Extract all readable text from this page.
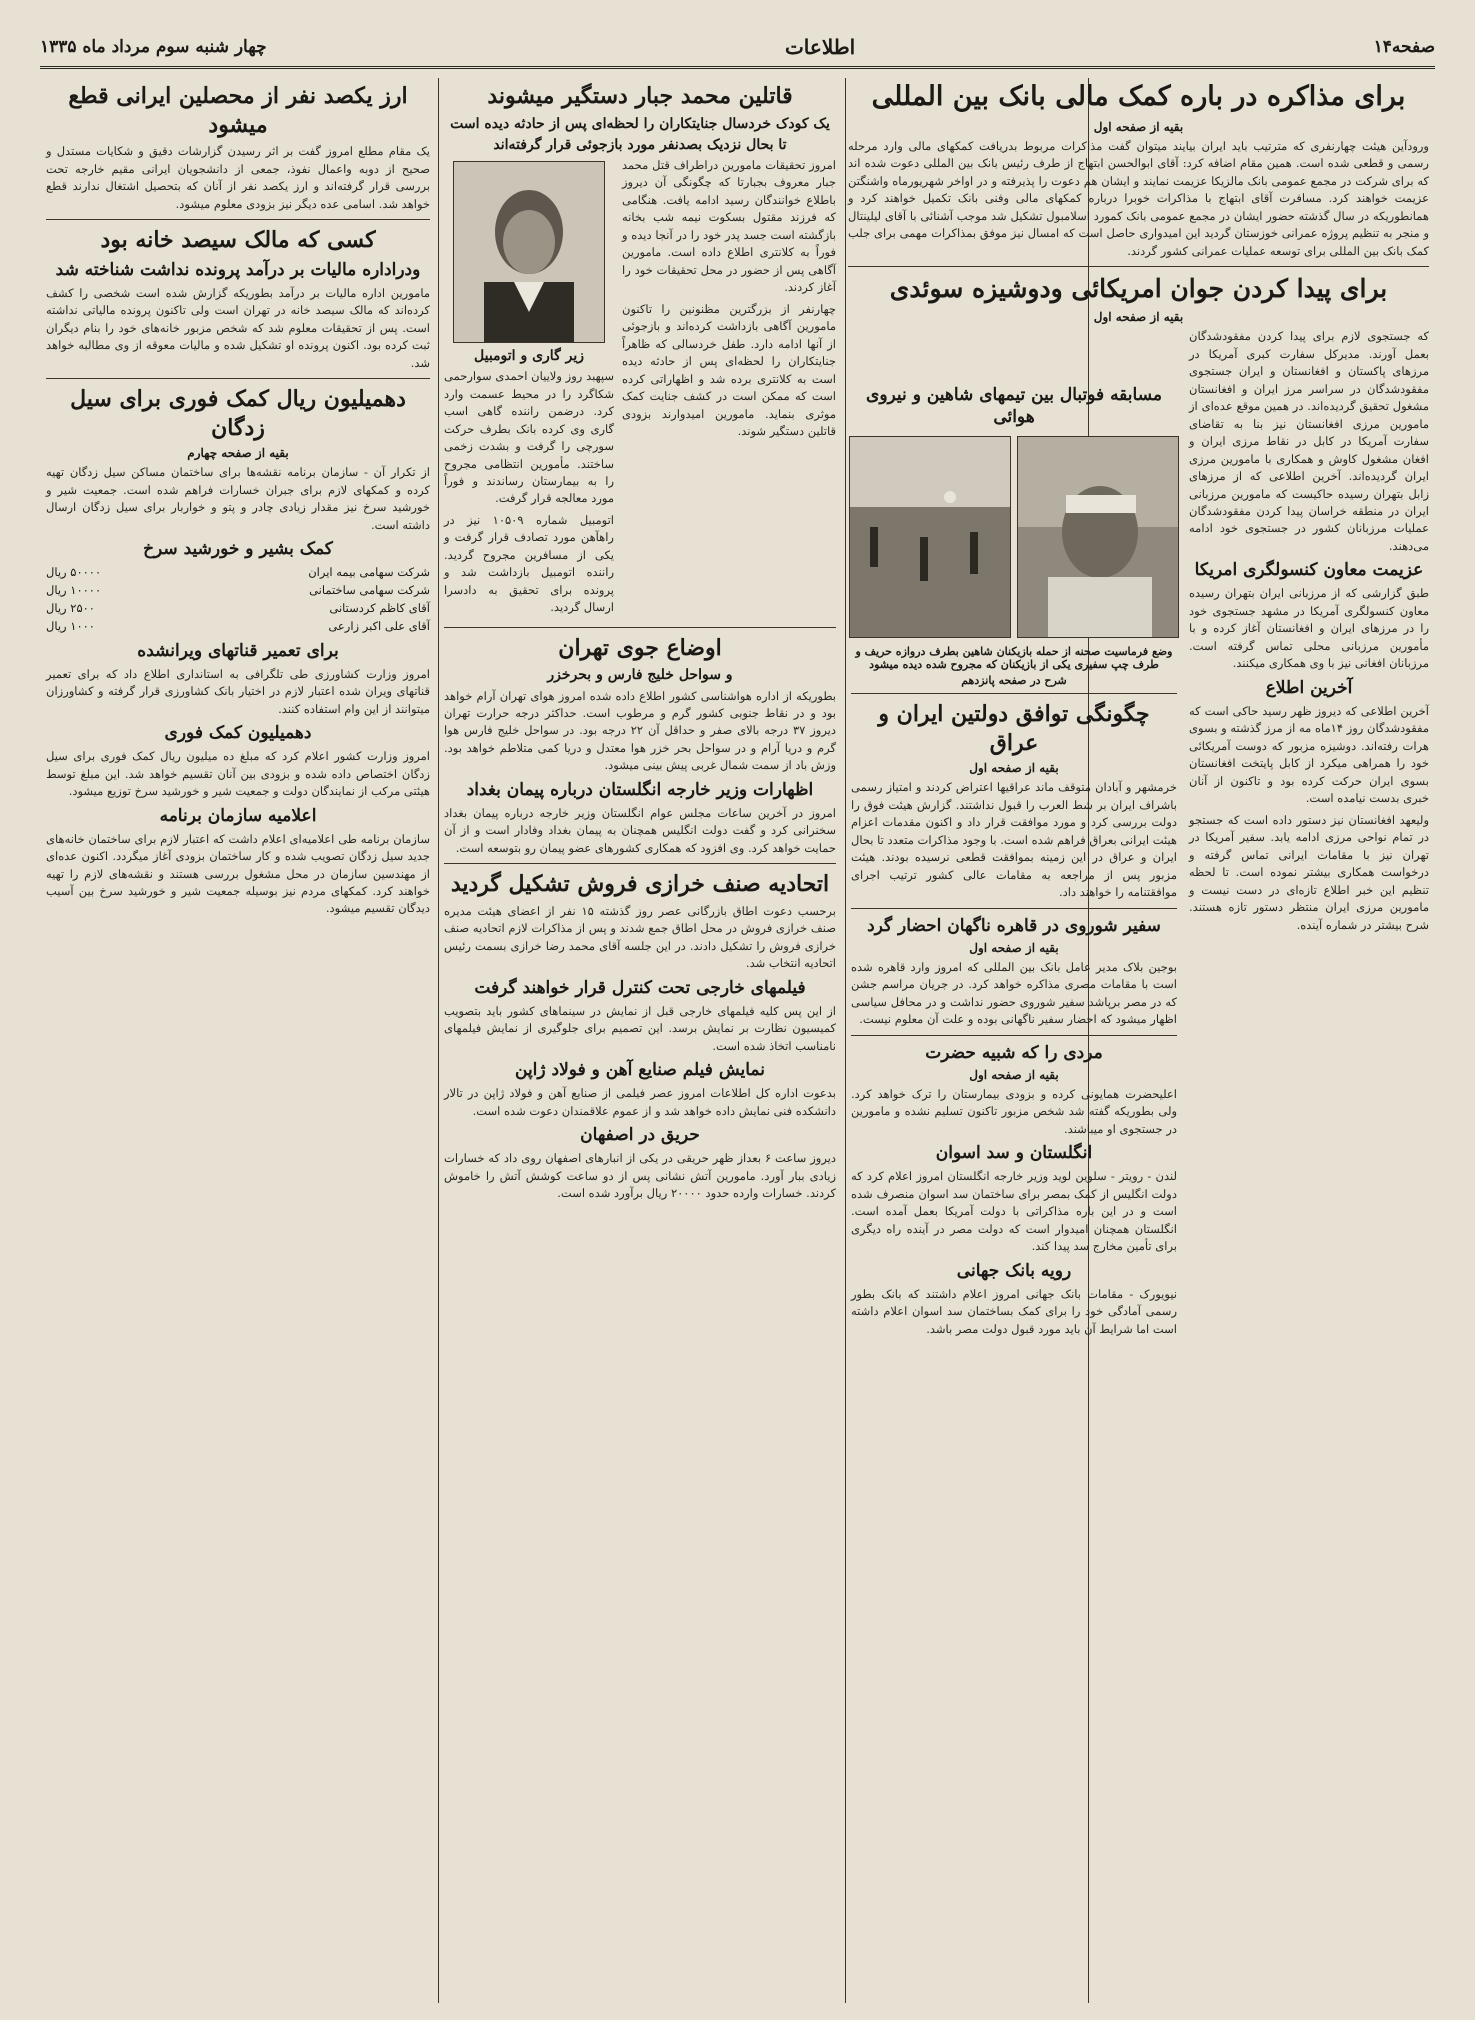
صفحه۱۴
اطلاعات
چهار شنبه سوم مرداد ماه ۱۳۳۵
برای مذاکره در باره کمک مالی بانک بین المللی
بقیه از صفحه اول

ورودآین هیئت چهارنفری که مترتیب باید ایران بیایند میتوان گفت مذاکرات مربوط بدریافت کمکهای مالی وارد مرحله رسمی و قطعی شده است. همین مقام اضافه کرد: آقای ابوالحسن ابتهاج از طرف رئیس بانک بین المللی دعوت شده اند که برای شرکت در مجمع عمومی بانک مالزیکا عزیمت نمایند و ایشان هم دعوت را پذیرفته و در اواخر شهریورماه واشنگتن عزیمت خواهند کرد. مسافرت آقای ابتهاج با مذاکرات خوبرا درباره کمکهای مالی وفنی بانک تکمیل خواهند کرد و همانطوریکه در سال گذشته حضور ایشان در مجمع عمومی بانک کمورد اسلامبول تشکیل شد موجب آشنائی با آقای لیلینتال و منجر به تنظیم پروژه عمرانی خوزستان گردید این امیدواری حاصل است که امسال نیز موفق بمذاکرات مهمی برای جلب کمک بانک بین المللی برای توسعه عملیات عمرانی کشور گردند.

برای پیدا کردن جوان امریکائی ودوشیزه سوئدی
بقیه از صفحه اول

که جستجوی لازم برای پیدا کردن مفقودشدگان بعمل آورند. مدیرکل سفارت کبری آمریکا در مرزهای پاکستان و افغانستان و ایران جستجوی مفقودشدگان در سراسر مرز ایران و افغانستان مشغول تحقیق گردیده‌اند. در همین موقع عده‌ای از مامورین مرزی افغانستان نیز بنا به تقاضای سفارت آمریکا در کابل در نقاط مرزی ایران و افغان مشغول کاوش و همکاری با مامورین مرزی ایران گردیده‌اند. آخرین اطلاعی که از مرزهای زابل بتهران رسیده حاکیست که مامورین مرزبانی ایران در منطقه خراسان پیدا کردن مفقودشدگان عملیات مرزبانان کشور در جستجوی خود ادامه می‌دهند.

عزیمت معاون کنسولگری امریکا

طبق گزارشی که از مرزبانی ایران بتهران رسیده معاون کنسولگری آمریکا در مشهد جستجوی خود را در مرزهای ایران و افغانستان آغاز کرده و با مأمورین مرزبانی محلی تماس گرفته است. مرزبانان افغانی نیز با وی همکاری میکنند.

آخرین اطلاع

آخرین اطلاعی که دیروز ظهر رسید حاکی است که مفقودشدگان روز ۱۴ماه مه از مرز گذشته و بسوی هرات رفته‌اند. دوشیزه مزبور که دوست آمریکائی خود را همراهی میکرد از کابل پایتخت افغانستان بسوی ایران حرکت کرده بود و تاکنون از آنان خبری بدست نیامده است.

ولیعهد افغانستان نیز دستور داده است که جستجو در تمام نواحی مرزی ادامه یابد. سفیر آمریکا در تهران نیز با مقامات ایرانی تماس گرفته و درخواست همکاری بیشتر نموده است. تا لحظه تنظیم این خبر اطلاع تازه‌ای در دست نیست و مامورین مرزی ایران منتظر دستور تازه هستند. شرح بیشتر در شماره آینده.

مسابقه فوتبال بین تیمهای شاهین و نیروی هوائی
وضع فرماسیت صحنه از حمله بازیکنان شاهین بطرف دروازه حریف و طرف چپ سفیری یکی از بازیکنان که مجروح شده دیده میشود
شرح در صفحه پانزدهم
چگونگی توافق دولتین ایران و عراق
بقیه از صفحه اول

خرمشهر و آبادان متوقف ماند عراقیها اعتراض کردند و امتیاز رسمی باشراف ایران بر شط العرب را قبول نداشتند. گزارش هیئت فوق را دولت بررسی کرد و مورد موافقت قرار داد و اکنون مقدمات اعزام هیئت ایرانی بعراق فراهم شده است. با وجود مذاکرات متعدد تا بحال ایران و عراق در این زمینه بموافقت قطعی نرسیده بودند. هیئت مزبور پس از مراجعه به مقامات عالی کشور ترتیب اجرای موافقتنامه را خواهند داد.

سفیر شوروی در قاهره ناگهان احضار گرد
بقیه از صفحه اول

بوجین بلاک مدیر عامل بانک بین المللی که امروز وارد قاهره شده است با مقامات مصری مذاکره خواهد کرد. در جریان مراسم جشن که در مصر برپاشد سفیر شوروی حضور نداشت و در محافل سیاسی اظهار میشود که احضار سفیر ناگهانی بوده و علت آن معلوم نیست.

مردی را که شبیه حضرت
بقیه از صفحه اول

اعلیحضرت همایونی کرده و بزودی بیمارستان را ترک خواهد کرد. ولی بطوریکه گفته شد شخص مزبور تاکنون تسلیم نشده و مامورین در جستجوی او میباشند.

انگلستان و سد اسوان

لندن - رویتر - سلوین لوید وزیر خارجه انگلستان امروز اعلام کرد که دولت انگلیس از کمک بمصر برای ساختمان سد اسوان منصرف شده است و در این باره مذاکراتی با دولت آمریکا بعمل آمده است. انگلستان همچنان امیدوار است که دولت مصر در آینده راه دیگری برای تأمین مخارج سد پیدا کند.

رویه بانک جهانی

نیویورک - مقامات بانک جهانی امروز اعلام داشتند که بانک بطور رسمی آمادگی خود را برای کمک بساختمان سد اسوان اعلام داشته است اما شرایط آن باید مورد قبول دولت مصر باشد.

قاتلین محمد جبار دستگیر میشوند
یک کودک خردسال جنایتکاران را لحظه‌ای پس از حادثه دیده است
تا بحال نزدیک بصدنفر مورد بازجوئی قرار گرفته‌اند

امروز تحقیقات مامورین دراطراف قتل محمد جبار معروف بجبارتا که چگونگی آن دیروز باطلاع خوانندگان رسید ادامه یافت. هنگامی که فرزند مقتول بسکوت نیمه شب بخانه بازگشته است جسد پدر خود را در آنجا دیده و فوراً به کلانتری اطلاع داده است. مامورین آگاهی پس از حضور در محل تحقیقات خود را آغاز کردند.

چهارنفر از بزرگترین مظنونین را تاکنون مامورین آگاهی بازداشت کرده‌اند و بازجوئی از آنها ادامه دارد. طفل خردسالی که ظاهراً جنایتکاران را لحظه‌ای پس از حادثه دیده است به کلانتری برده شد و اظهاراتی کرده است که ممکن است در کشف جنایت کمک موثری بنماید. مامورین امیدوارند بزودی قاتلین دستگیر شوند.

زیر گاری و اتومبیل

سپهبد روز ولاییان احمدی سوارحمی شکاگرد را در محیط عسمت وارد کرد. درضمن راننده گاهی اسب گاری وی کرده بانک بطرف حرکت سورچی را گرفت و بشدت زخمی ساختند. مأمورین انتظامی مجروح را به بیمارستان رساندند و فوراً مورد معالجه قرار گرفت.

اتومبیل شماره ۱۰۵۰۹ نیز در راهآهن مورد تصادف قرار گرفت و یکی از مسافرین مجروح گردید. راننده اتومبیل بازداشت شد و پرونده برای تحقیق به دادسرا ارسال گردید.

اوضاع جوی تهران
و سواحل خلیج فارس و بحرخزر

بطوریکه از اداره هواشناسی کشور اطلاع داده شده امروز هوای تهران آرام خواهد بود و در نقاط جنوبی کشور گرم و مرطوب است. حداکثر درجه حرارت تهران دیروز ۳۷ درجه بالای صفر و حداقل آن ۲۲ درجه بود. در سواحل خلیج فارس هوا گرم و دریا آرام و در سواحل بحر خزر هوا معتدل و دریا کمی متلاطم خواهد بود. وزش باد از سمت شمال غربی پیش بینی میشود.

اظهارات وزیر خارجه انگلستان درباره پیمان بغداد

امروز در آخرین ساعات مجلس عوام انگلستان وزیر خارجه درباره پیمان بغداد سخنرانی کرد و گفت دولت انگلیس همچنان به پیمان بغداد وفادار است و از آن حمایت خواهد کرد. وی افزود که همکاری کشورهای عضو پیمان رو بتوسعه است.

اتحادیه صنف خرازی فروش تشکیل گردید

برحسب دعوت اطاق بازرگانی عصر روز گذشته ۱۵ نفر از اعضای هیئت مدیره صنف خرازی فروش در محل اطاق جمع شدند و پس از مذاکرات لازم اتحادیه صنف خرازی فروش را تشکیل دادند. در این جلسه آقای محمد رضا خرازی بسمت رئیس اتحادیه انتخاب شد.

فیلمهای خارجی تحت کنترل قرار خواهند گرفت

از این پس کلیه فیلمهای خارجی قبل از نمایش در سینماهای کشور باید بتصویب کمیسیون نظارت بر نمایش برسد. این تصمیم برای جلوگیری از نمایش فیلمهای نامناسب اتخاذ شده است.

نمایش فیلم صنایع آهن و فولاد ژاپن

بدعوت اداره کل اطلاعات امروز عصر فیلمی از صنایع آهن و فولاد ژاپن در تالار دانشکده فنی نمایش داده خواهد شد و از عموم علاقمندان دعوت شده است.

حریق در اصفهان

دیروز ساعت ۶ بعداز ظهر حریقی در یکی از انبارهای اصفهان روی داد که خسارات زیادی ببار آورد. مامورین آتش نشانی پس از دو ساعت کوشش آتش را خاموش کردند. خسارات وارده حدود ۲۰۰۰۰ ریال برآورد شده است.

ارز یکصد نفر از محصلین ایرانی قطع میشود

یک مقام مطلع امروز گفت بر اثر رسیدن گزارشات دقیق و شکایات مستدل و صحیح از دوبه واعمال نفوذ، جمعی از دانشجویان ایرانی مقیم خارجه تحت بررسی قرار گرفته‌اند و ارز یکصد نفر از آنان که بتحصیل اشتغال ندارند قطع خواهد شد. اسامی عده دیگر نیز بزودی معلوم میشود.

کسی که مالک سیصد خانه بود
ودراداره مالیات بر درآمد پرونده نداشت شناخته شد

مامورین اداره مالیات بر درآمد بطوریکه گزارش شده است شخصی را کشف کرده‌اند که مالک سیصد خانه در تهران است ولی تاکنون پرونده مالیاتی نداشته است. پس از تحقیقات معلوم شد که شخص مزبور خانه‌های خود را بنام دیگران ثبت کرده بود. اکنون پرونده او تشکیل شده و مالیات معوقه از وی مطالبه خواهد شد.

دهمیلیون ریال کمک فوری برای سیل زدگان
بقیه از صفحه چهارم

از تکرار آن - سازمان برنامه نقشه‌ها برای ساختمان مساکن سیل زدگان تهیه کرده و کمکهای لازم برای جبران خسارات فراهم شده است. جمعیت شیر و خورشید سرخ نیز مقدار زیادی چادر و پتو و خواربار برای سیل زدگان ارسال داشته است.

کمک بشیر و خورشید سرخ
شرکت سهامی بیمه ایران
۵۰۰۰۰ ریال
شرکت سهامی ساختمانی
۱۰۰۰۰ ریال
آقای کاظم کردستانی
۲۵۰۰ ریال
آقای علی اکبر زارعی
۱۰۰۰ ریال
برای تعمیر قناتهای ویرانشده

امروز وزارت کشاورزی طی تلگرافی به استانداری اطلاع داد که برای تعمیر قناتهای ویران شده اعتبار لازم در اختیار بانک کشاورزی قرار گرفته و کشاورزان میتوانند از این وام استفاده کنند.

دهمیلیون کمک فوری

امروز وزارت کشور اعلام کرد که مبلغ ده میلیون ریال کمک فوری برای سیل زدگان اختصاص داده شده و بزودی بین آنان تقسیم خواهد شد. این مبلغ توسط هیئتی مرکب از نمایندگان دولت و جمعیت شیر و خورشید سرخ توزیع میشود.

اعلامیه سازمان برنامه

سازمان برنامه طی اعلامیه‌ای اعلام داشت که اعتبار لازم برای ساختمان خانه‌های جدید سیل زدگان تصویب شده و کار ساختمان بزودی آغاز میگردد. اکنون عده‌ای از مهندسین سازمان در محل مشغول بررسی هستند و نقشه‌های لازم را تهیه خواهند کرد. کمکهای مردم نیز بوسیله جمعیت شیر و خورشید سرخ بین آسیب دیدگان تقسیم میشود.
